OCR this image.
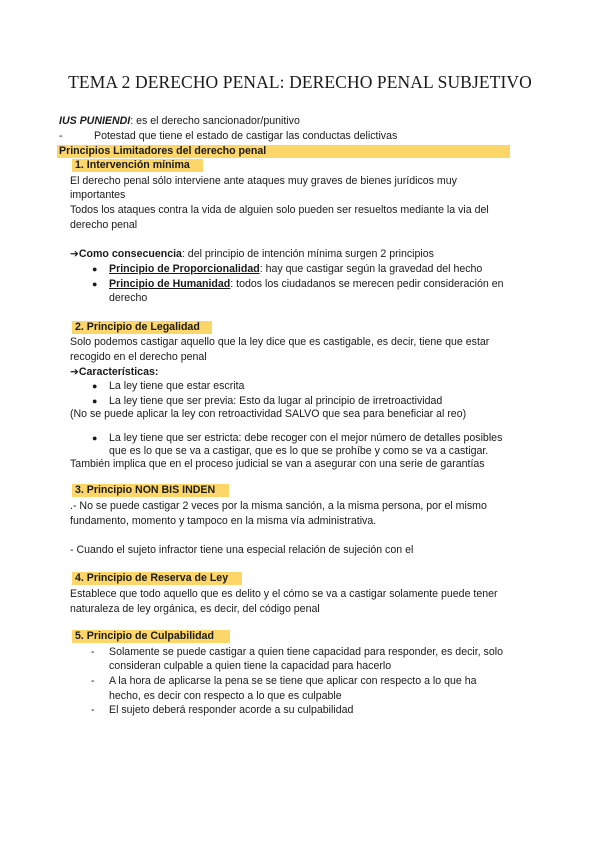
TEMA 2 DERECHO PENAL: DERECHO PENAL SUBJETIVO
IUS PUNIENDI: es el derecho sancionador/punitivo
-	Potestad que tiene el estado de castigar las conductas delictivas
Principios Limitadores del derecho penal
1. Intervención mínima
El derecho penal sólo interviene ante ataques muy graves de bienes jurídicos muy
importantes
Todos los ataques contra la vida de alguien solo pueden ser resueltos mediante la via del
derecho penal
➔Como consecuencia: del principio de intención mínima surgen 2 principios
● Principio de Proporcionalidad: hay que castigar según la gravedad del hecho
● Principio de Humanidad: todos los ciudadanos se merecen pedir consideración en
derecho
2. Principio de Legalidad
Solo podemos castigar aquello que la ley dice que es castigable, es decir, tiene que estar
recogido en el derecho penal
➔Características:
● La ley tiene que estar escrita
● La ley tiene que ser previa: Esto da lugar al principio de irretroactividad
(No se puede aplicar la ley con retroactividad SALVO que sea para beneficiar al reo)
● La ley tiene que ser estricta: debe recoger con el mejor número de detalles posibles
que es lo que se va a castigar, que es lo que se prohíbe y como se va a castigar.
También implica que en el proceso judicial se van a asegurar con una serie de garantías
3. Principio NON BIS INDEN
.- No se puede castigar 2 veces por la misma sanción, a la misma persona, por el mismo
fundamento, momento y tampoco en la misma vía administrativa.
- Cuando el sujeto infractor tiene una especial relación de sujeción con el
4. Principio de Reserva de Ley
Establece que todo aquello que es delito y el cómo se va a castigar solamente puede tener
naturaleza de ley orgánica, es decir, del código penal
5. Principio de Culpabilidad
- Solamente se puede castigar a quien tiene capacidad para responder, es decir, solo
consideran culpable a quien tiene la capacidad para hacerlo
- A la hora de aplicarse la pena se se tiene que aplicar con respecto a lo que ha
hecho, es decir con respecto a lo que es culpable
- El sujeto deberá responder acorde a su culpabilidad
